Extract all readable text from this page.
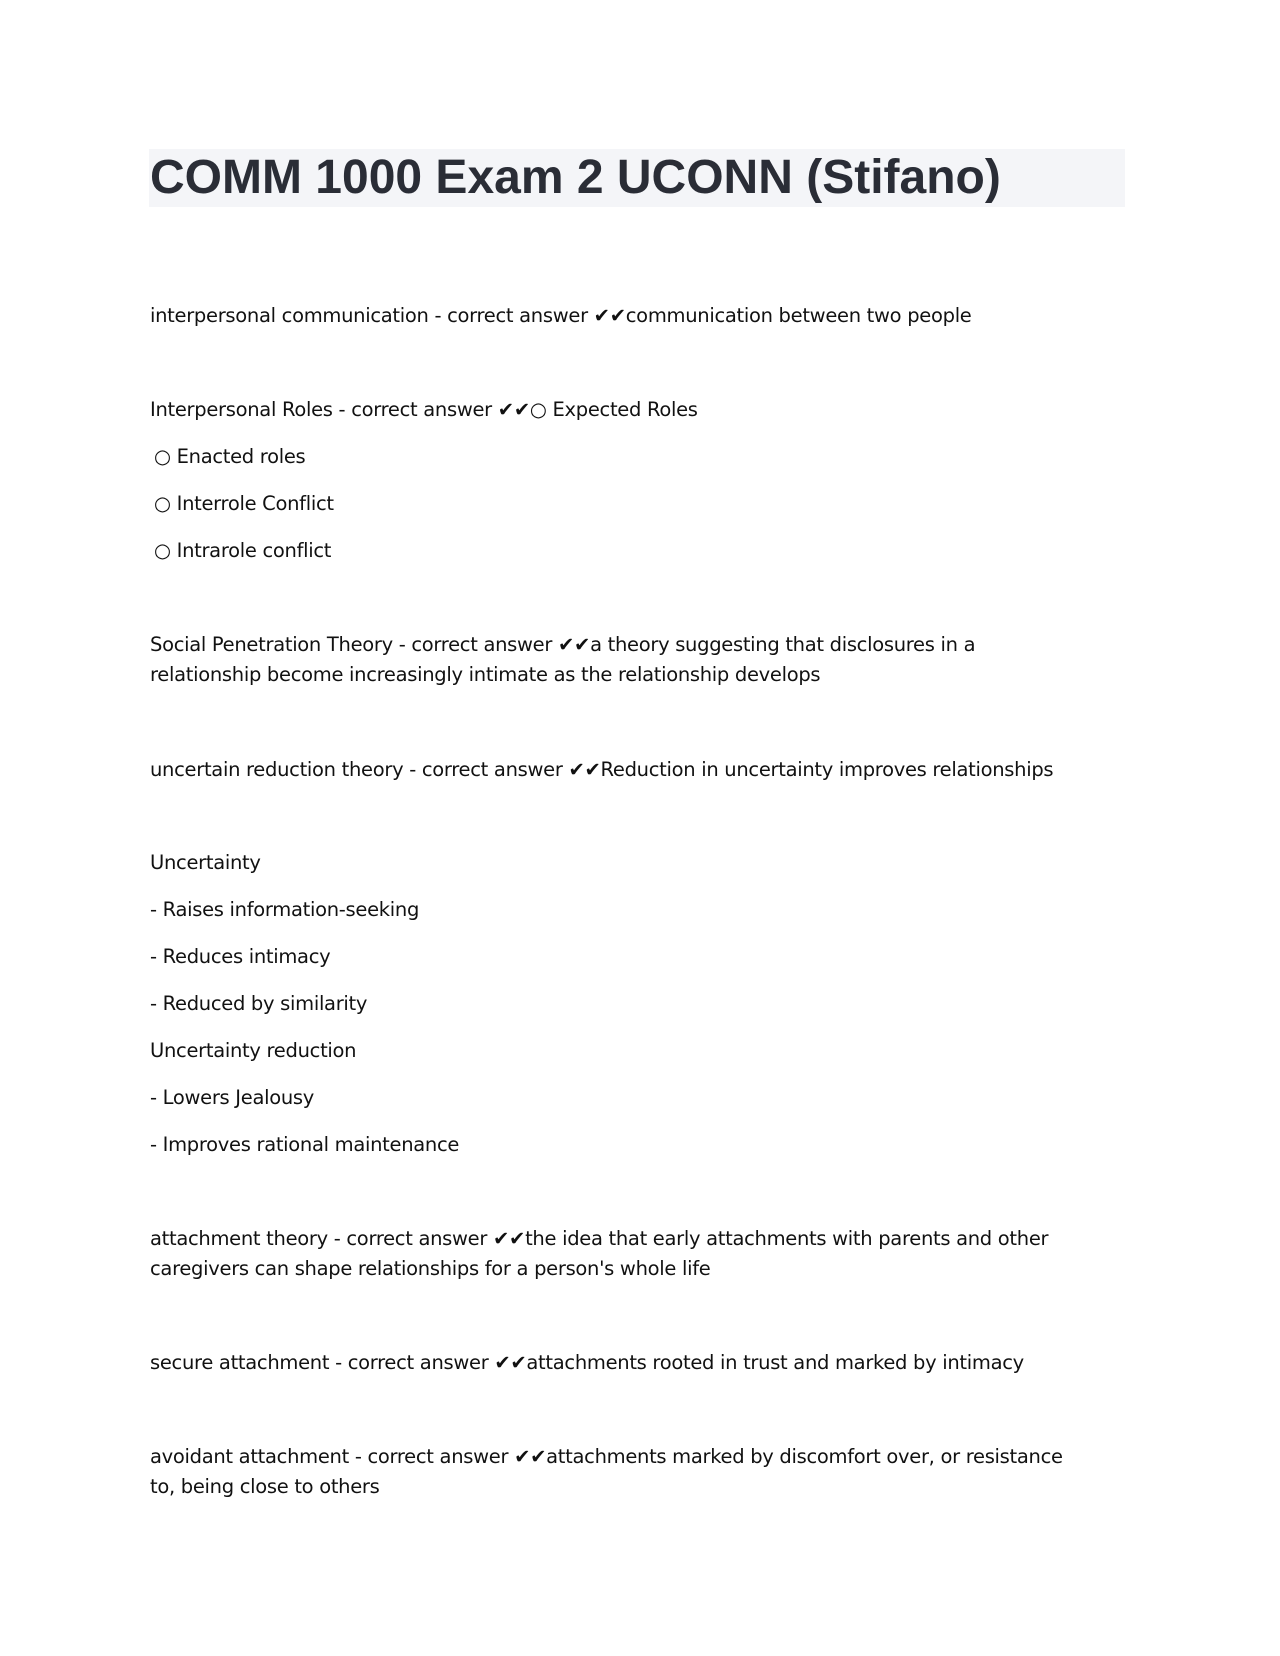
COMM 1000 Exam 2 UCONN (Stifano)

interpersonal communication - correct answer ✔✔communication between two people

Interpersonal Roles - correct answer ✔✔○ Expected Roles

○ Enacted roles

○ Interrole Conflict

○ Intrarole conflict

Social Penetration Theory - correct answer ✔✔a theory suggesting that disclosures in a relationship become increasingly intimate as the relationship develops

uncertain reduction theory - correct answer ✔✔Reduction in uncertainty improves relationships

Uncertainty

- Raises information-seeking

- Reduces intimacy

- Reduced by similarity

Uncertainty reduction

- Lowers Jealousy

- Improves rational maintenance

attachment theory - correct answer ✔✔the idea that early attachments with parents and other caregivers can shape relationships for a person's whole life

secure attachment - correct answer ✔✔attachments rooted in trust and marked by intimacy

avoidant attachment - correct answer ✔✔attachments marked by discomfort over, or resistance to, being close to others
